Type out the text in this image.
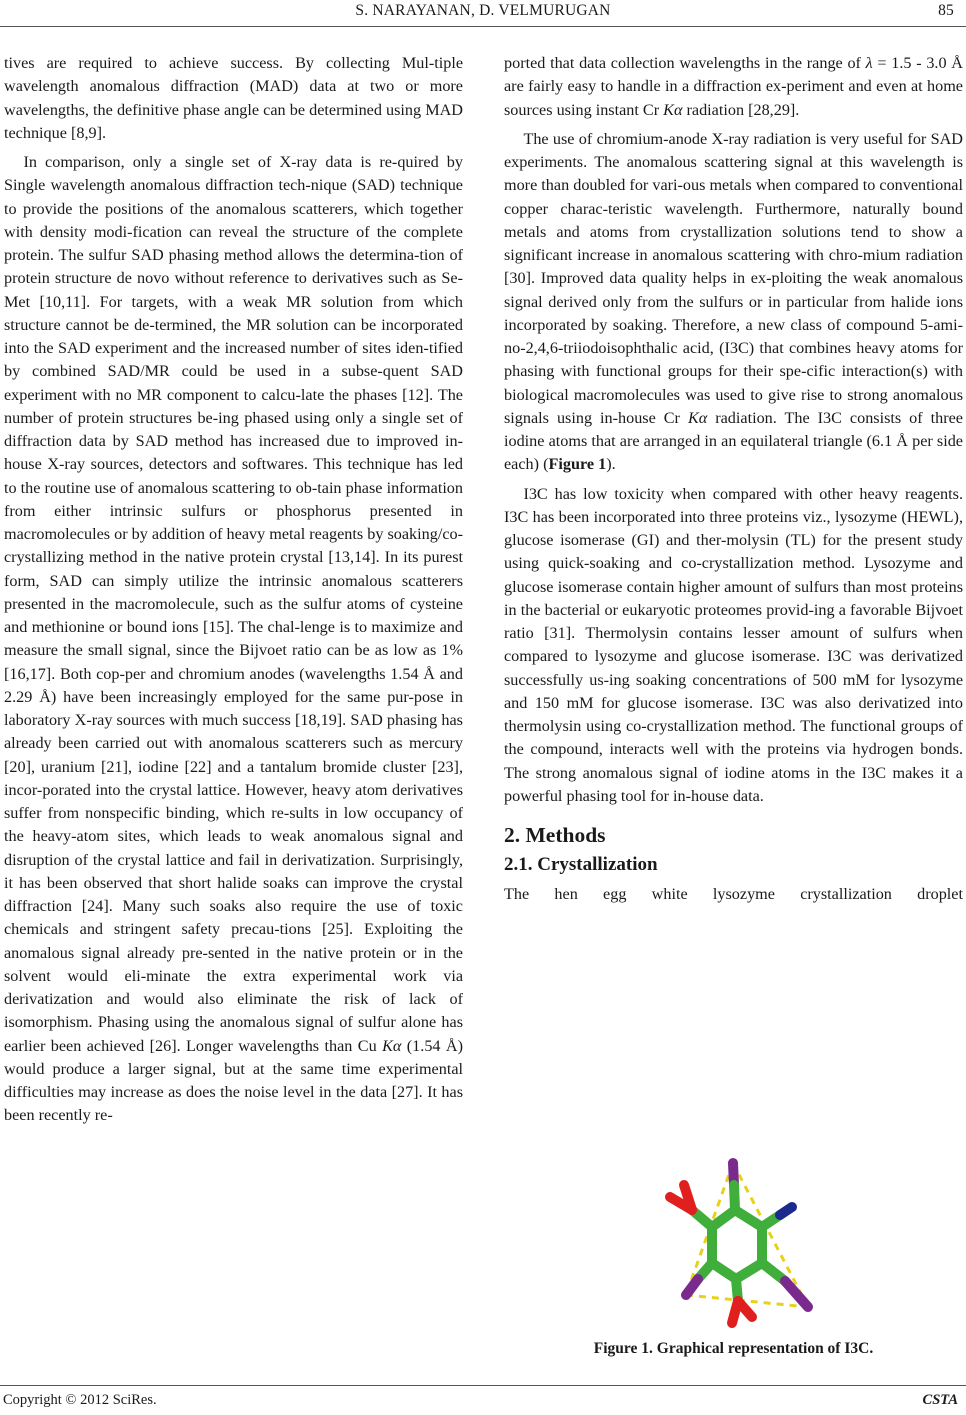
S. NARAYANAN, D. VELMURUGAN	85

tives are required to achieve success. By collecting Mul-tiple wavelength anomalous diffraction (MAD) data at two or more wavelengths, the definitive phase angle can be determined using MAD technique [8,9].

In comparison, only a single set of X-ray data is re-quired by Single wavelength anomalous diffraction tech-nique (SAD) technique to provide the positions of the anomalous scatterers, which together with density modi-fication can reveal the structure of the complete protein. The sulfur SAD phasing method allows the determina-tion of protein structure de novo without reference to derivatives such as Se-Met [10,11]. For targets, with a weak MR solution from which structure cannot be de-termined, the MR solution can be incorporated into the SAD experiment and the increased number of sites iden-tified by combined SAD/MR could be used in a subse-quent SAD experiment with no MR component to calcu-late the phases [12]. The number of protein structures be-ing phased using only a single set of diffraction data by SAD method has increased due to improved in-house X-ray sources, detectors and softwares. This technique has led to the routine use of anomalous scattering to ob-tain phase information from either intrinsic sulfurs or phosphorus presented in macromolecules or by addition of heavy metal reagents by soaking/co-crystallizing method in the native protein crystal [13,14]. In its purest form, SAD can simply utilize the intrinsic anomalous scatterers presented in the macromolecule, such as the sulfur atoms of cysteine and methionine or bound ions [15]. The chal-lenge is to maximize and measure the small signal, since the Bijvoet ratio can be as low as 1% [16,17]. Both cop-per and chromium anodes (wavelengths 1.54 Å and 2.29 Å) have been increasingly employed for the same pur-pose in laboratory X-ray sources with much success [18,19]. SAD phasing has already been carried out with anomalous scatterers such as mercury [20], uranium [21], iodine [22] and a tantalum bromide cluster [23], incor-porated into the crystal lattice. However, heavy atom derivatives suffer from nonspecific binding, which re-sults in low occupancy of the heavy-atom sites, which leads to weak anomalous signal and disruption of the crystal lattice and fail in derivatization. Surprisingly, it has been observed that short halide soaks can improve the crystal diffraction [24]. Many such soaks also require the use of toxic chemicals and stringent safety precau-tions [25]. Exploiting the anomalous signal already pre-sented in the native protein or in the solvent would eli-minate the extra experimental work via derivatization and would also eliminate the risk of lack of isomorphism. Phasing using the anomalous signal of sulfur alone has earlier been achieved [26]. Longer wavelengths than Cu Kα (1.54 Å) would produce a larger signal, but at the same time experimental difficulties may increase as does the noise level in the data [27]. It has been recently re-

ported that data collection wavelengths in the range of λ = 1.5 - 3.0 Å are fairly easy to handle in a diffraction ex-periment and even at home sources using instant Cr Kα radiation [28,29].

The use of chromium-anode X-ray radiation is very useful for SAD experiments. The anomalous scattering signal at this wavelength is more than doubled for vari-ous metals when compared to conventional copper charac-teristic wavelength. Furthermore, naturally bound metals and atoms from crystallization solutions tend to show a significant increase in anomalous scattering with chro-mium radiation [30]. Improved data quality helps in ex-ploiting the weak anomalous signal derived only from the sulfurs or in particular from halide ions incorporated by soaking. Therefore, a new class of compound 5-ami-no-2,4,6-triiodoisophthalic acid, (I3C) that combines heavy atoms for phasing with functional groups for their spe-cific interaction(s) with biological macromolecules was used to give rise to strong anomalous signals using in-house Cr Kα radiation. The I3C consists of three iodine atoms that are arranged in an equilateral triangle (6.1 Å per side each) (Figure 1).

I3C has low toxicity when compared with other heavy reagents. I3C has been incorporated into three proteins viz., lysozyme (HEWL), glucose isomerase (GI) and ther-molysin (TL) for the present study using quick-soaking and co-crystallization method. Lysozyme and glucose isomerase contain higher amount of sulfurs than most proteins in the bacterial or eukaryotic proteomes provid-ing a favorable Bijvoet ratio [31]. Thermolysin contains lesser amount of sulfurs when compared to lysozyme and glucose isomerase. I3C was derivatized successfully us-ing soaking concentrations of 500 mM for lysozyme and 150 mM for glucose isomerase. I3C was also derivatized into thermolysin using co-crystallization method. The functional groups of the compound, interacts well with the proteins via hydrogen bonds. The strong anomalous signal of iodine atoms in the I3C makes it a powerful phasing tool for in-house data.

2. Methods
2.1. Crystallization

The hen egg white lysozyme crystallization droplet

Figure 1. Graphical representation of I3C.
Copyright © 2012 SciRes.	CSTA
